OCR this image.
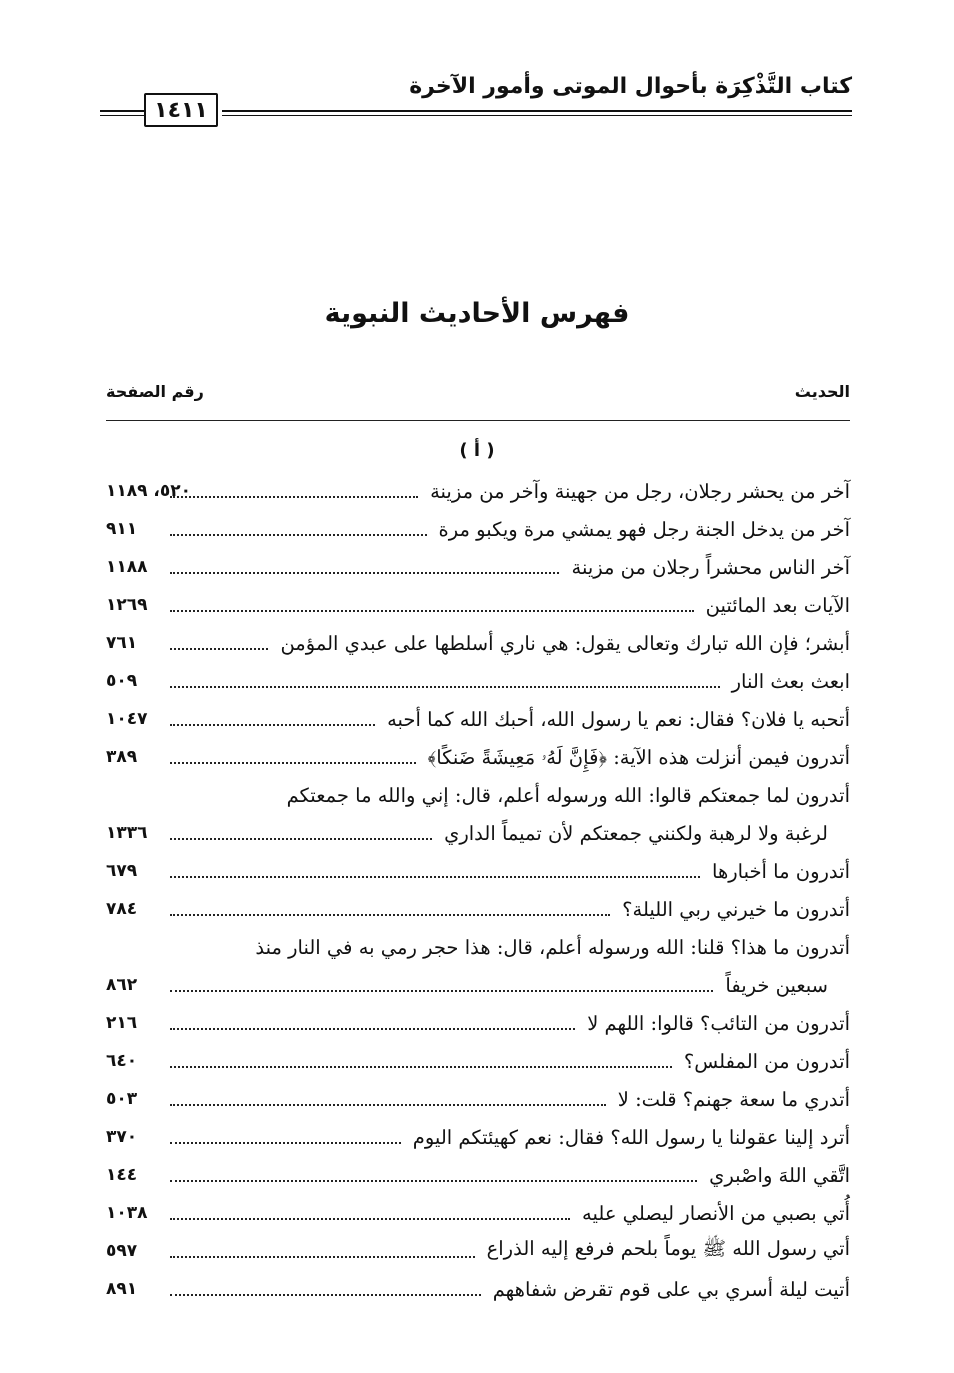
كتاب التَّذْكِرَة بأحوال الموتى وأمور الآخرة
١٤١١
فهرس الأحاديث النبوية
الحديث
رقم الصفحة
( أ )
آخر من يحشر رجلان، رجل من جهينة وآخر من مزينة
٥٢٠، ١١٨٩
آخر من يدخل الجنة رجل فهو يمشي مرة ويكبو مرة
٩١١
آخر الناس محشراً رجلان من مزينة
١١٨٨
الآيات بعد المائتين
١٢٦٩
أبشر؛ فإن الله تبارك وتعالى يقول: هي ناري أسلطها على عبدي المؤمن
٧٦١
ابعث بعث النار
٥٠٩
أتحبه يا فلان؟ فقال: نعم يا رسول الله، أحبك الله كما أحبه
١٠٤٧
أتدرون فيمن أنزلت هذه الآية: ﴿فَإِنَّ لَهُۥ مَعِيشَةً ضَنكًا﴾
٣٨٩
أتدرون لما جمعتكم قالوا: الله ورسوله أعلم، قال: إني والله ما جمعتكم
لرغبة ولا لرهبة ولكنني جمعتكم لأن تميماً الداري
١٣٣٦
أتدرون ما أخبارها
٦٧٩
أتدرون ما خيرني ربي الليلة؟
٧٨٤
أتدرون ما هذا؟ قلنا: الله ورسوله أعلم، قال: هذا حجر رمي به في النار منذ
سبعين خريفاً
٨٦٢
أتدرون من التائب؟ قالوا: اللهم لا
٢١٦
أتدرون من المفلس؟
٦٤٠
أتدري ما سعة جهنم؟ قلت: لا
٥٠٣
أترد إلينا عقولنا يا رسول الله؟ فقال: نعم كهيئتكم اليوم
٣٧٠
اتَّقي اللهَ واصْبري
١٤٤
أُتي بصبي من الأنصار ليصلي عليه
١٠٣٨
أتي رسول الله ﷺ يوماً بلحم فرفع إليه الذراع
٥٩٧
أتيت ليلة أسري بي على قوم تقرض شفاههم
٨٩١
